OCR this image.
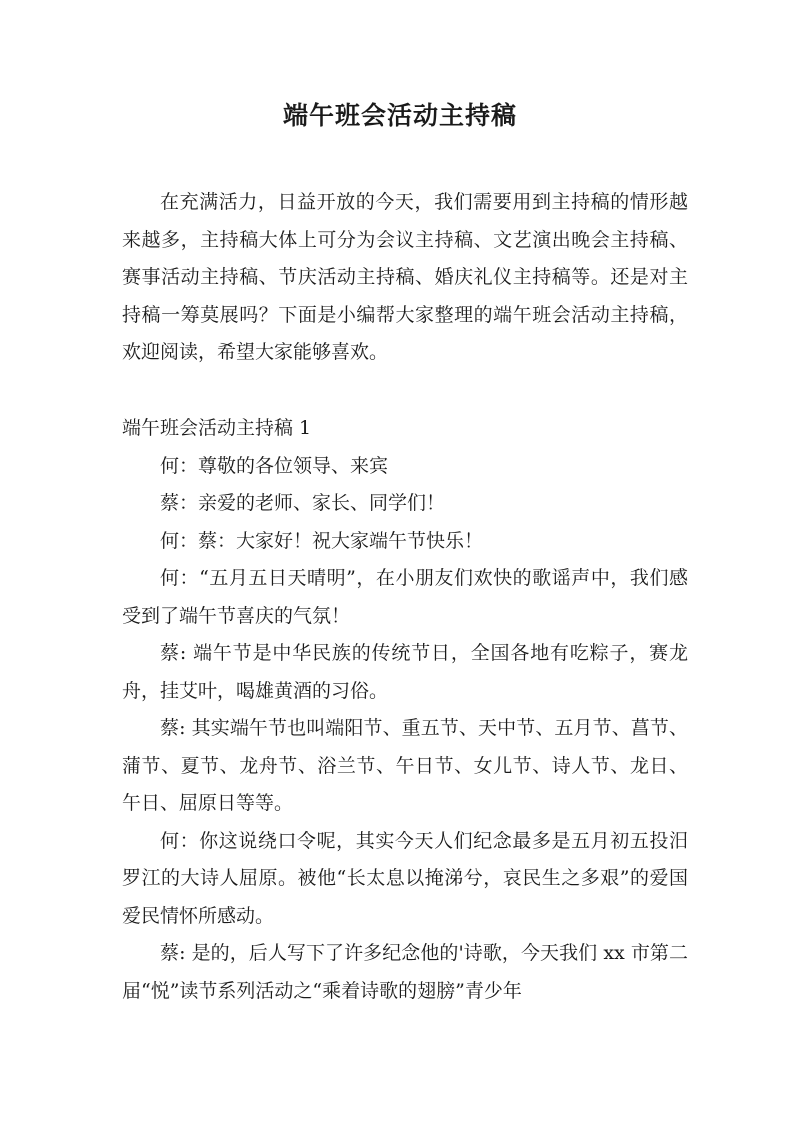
端午班会活动主持稿

在充满活力，日益开放的今天，我们需要用到主持稿的情形越来越多，主持稿大体上可分为会议主持稿、文艺演出晚会主持稿、赛事活动主持稿、节庆活动主持稿、婚庆礼仪主持稿等。还是对主持稿一筹莫展吗？下面是小编帮大家整理的端午班会活动主持稿，欢迎阅读，希望大家能够喜欢。

端午班会活动主持稿 1

何：尊敬的各位领导、来宾

蔡：亲爱的老师、家长、同学们！

何：蔡：大家好！祝大家端午节快乐！

何：“五月五日天晴明”，在小朋友们欢快的歌谣声中，我们感受到了端午节喜庆的气氛！

蔡: 端午节是中华民族的传统节日，全国各地有吃粽子，赛龙舟，挂艾叶，喝雄黄酒的习俗。

蔡: 其实端午节也叫端阳节、重五节、天中节、五月节、菖节、蒲节、夏节、龙舟节、浴兰节、午日节、女儿节、诗人节、龙日、午日、屈原日等等。

何：你这说绕口令呢，其实今天人们纪念最多是五月初五投汨罗江的大诗人屈原。被他“长太息以掩涕兮，哀民生之多艰”的爱国爱民情怀所感动。

蔡: 是的，后人写下了许多纪念他的'诗歌，今天我们 xx 市第二届“悦”读节系列活动之“乘着诗歌的翅膀”青少年
